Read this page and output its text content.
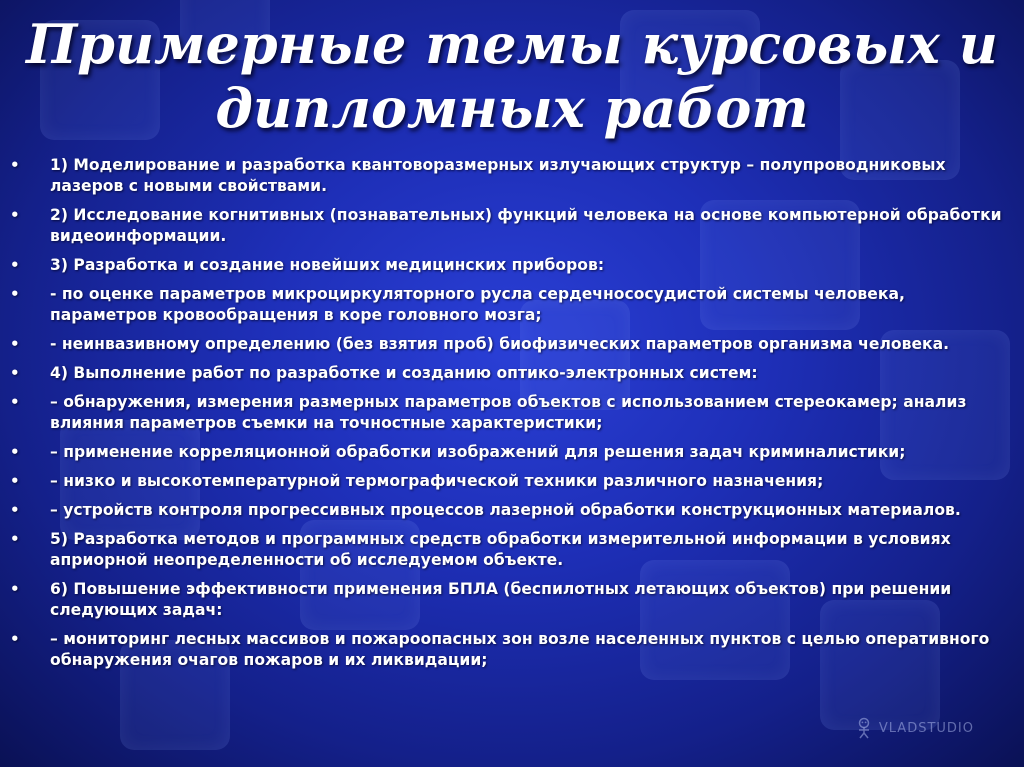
Примерные темы курсовых и
дипломных работ
• 1) Моделирование и разработка квантоворазмерных излучающих структур – полупроводниковых лазеров с новыми свойствами.
• 2) Исследование когнитивных (познавательных) функций человека на основе компьютерной обработки видеоинформации.
• 3) Разработка и создание новейших медицинских приборов:
• - по оценке параметров микроциркуляторного русла сердечнососудистой системы человека, параметров кровообращения в коре головного мозга;
• - неинвазивному определению (без взятия проб) биофизических параметров организма человека.
• 4) Выполнение работ по разработке и созданию оптико-электронных систем:
• – обнаружения, измерения размерных параметров объектов с использованием стереокамер; анализ влияния параметров съемки на точностные характеристики;
• – применение корреляционной обработки изображений для решения задач криминалистики;
• – низко и высокотемпературной термографической техники различного назначения;
• – устройств контроля прогрессивных процессов лазерной обработки конструкционных материалов.
• 5) Разработка методов и программных средств обработки измерительной информации в условиях априорной неопределенности об исследуемом объекте.
• 6) Повышение эффективности применения БПЛА (беспилотных летающих объектов) при решении следующих задач:
• – мониторинг лесных массивов и пожароопасных зон возле населенных пунктов с целью оперативного обнаружения очагов пожаров и их ликвидации;
VLADSTUDIO
